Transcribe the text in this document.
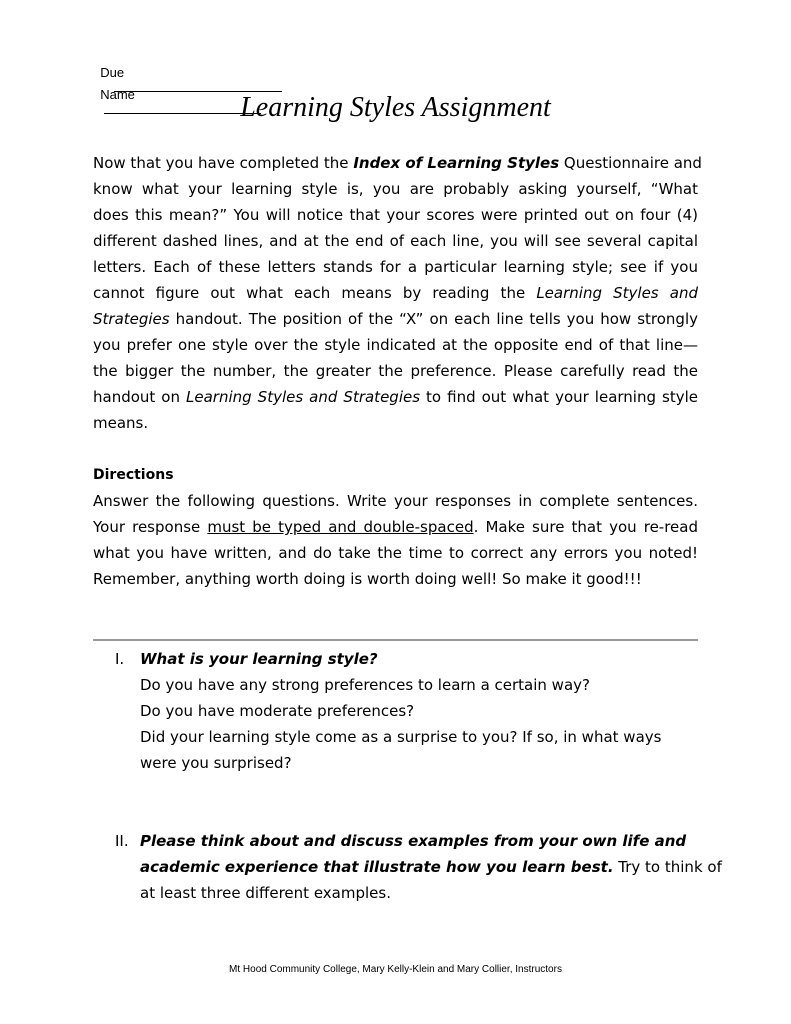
Due

Name
	Learning Styles Assignment
Now that you have completed the Index of Learning Styles Questionnaire and
know what your learning style is, you are probably asking yourself, “What
does this mean?” You will notice that your scores were printed out on four (4)
different dashed lines, and at the end of each line, you will see several capital
letters. Each of these letters stands for a particular learning style; see if you
cannot figure out what each means by reading the Learning Styles and
Strategies handout. The position of the “X” on each line tells you how strongly
you prefer one style over the style indicated at the opposite end of that line—
the bigger the number, the greater the preference. Please carefully read the
handout on Learning Styles and Strategies to find out what your learning style
means.
Directions
Answer the following questions. Write your responses in complete sentences.
Your response must be typed and double-spaced. Make sure that you re-read
what you have written, and do take the time to correct any errors you noted!
Remember, anything worth doing is worth doing well! So make it good!!!
I. What is your learning style?
Do you have any strong preferences to learn a certain way?
Do you have moderate preferences?
Did your learning style come as a surprise to you? If so, in what ways
were you surprised?
II. Please think about and discuss examples from your own life and
academic experience that illustrate how you learn best. Try to think of
at least three different examples.
Mt Hood Community College, Mary Kelly-Klein and Mary Collier, Instructors
